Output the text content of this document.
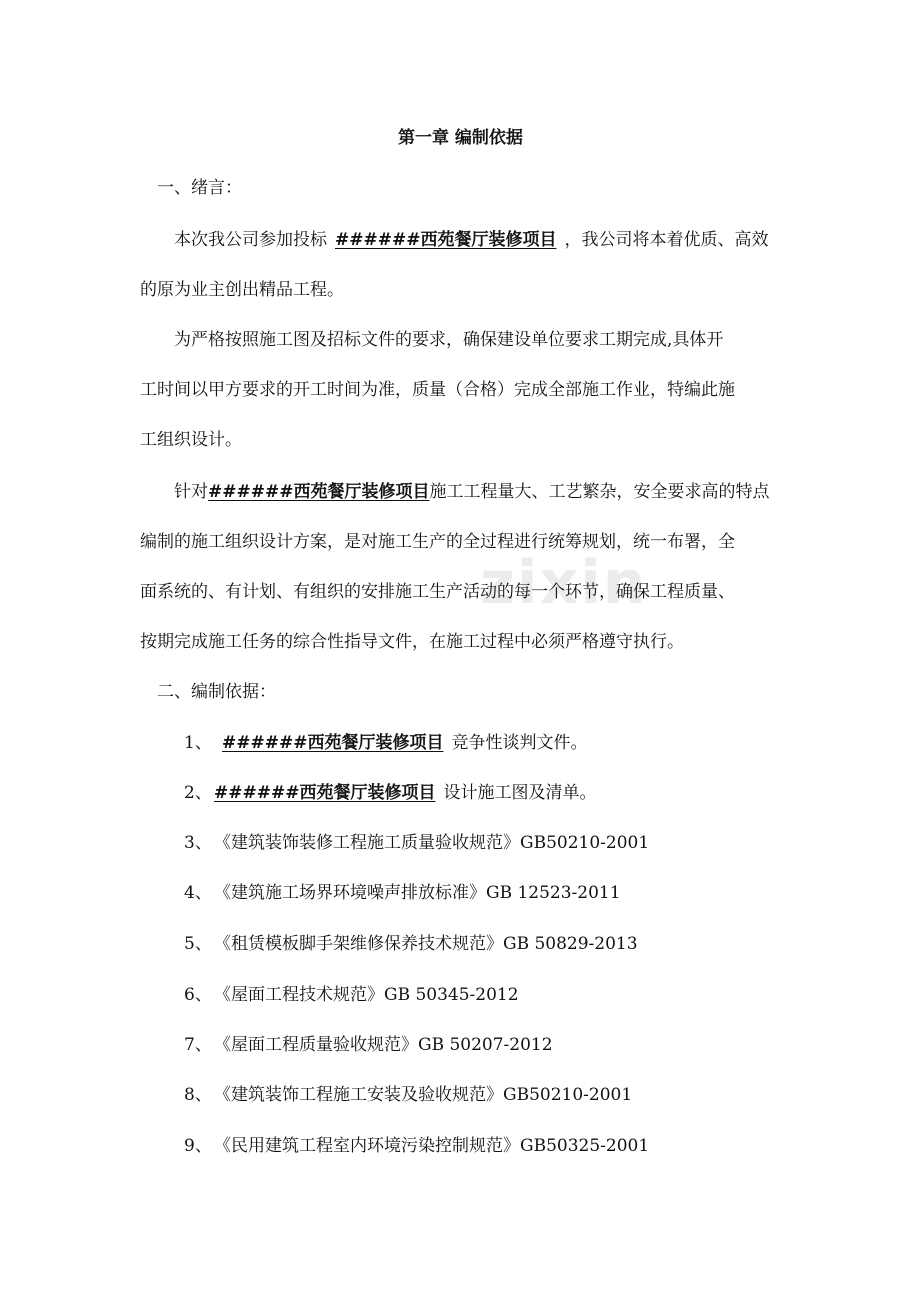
zixin
第一章 编制依据
一、绪言：
本次我公司参加投标 ######西苑餐厅装修项目 ，我公司将本着优质、高效
的原为业主创出精品工程。
为严格按照施工图及招标文件的要求，确保建设单位要求工期完成,具体开
工时间以甲方要求的开工时间为准，质量（合格）完成全部施工作业，特编此施
工组织设计。
针对######西苑餐厅装修项目施工工程量大、工艺繁杂，安全要求高的特点
编制的施工组织设计方案，是对施工生产的全过程进行统筹规划，统一布署，全
面系统的、有计划、有组织的安排施工生产活动的每一个环节，确保工程质量、
按期完成施工任务的综合性指导文件，在施工过程中必须严格遵守执行。
二、编制依据：
1、 ######西苑餐厅装修项目 竞争性谈判文件。
2、 ######西苑餐厅装修项目 设计施工图及清单。
3、 《建筑装饰装修工程施工质量验收规范》GB50210-2001
4、 《建筑施工场界环境噪声排放标准》GB 12523-2011
5、 《租赁模板脚手架维修保养技术规范》GB 50829-2013
6、 《屋面工程技术规范》GB 50345-2012
7、 《屋面工程质量验收规范》GB 50207-2012
8、 《建筑装饰工程施工安装及验收规范》GB50210-2001
9、 《民用建筑工程室内环境污染控制规范》GB50325-2001
